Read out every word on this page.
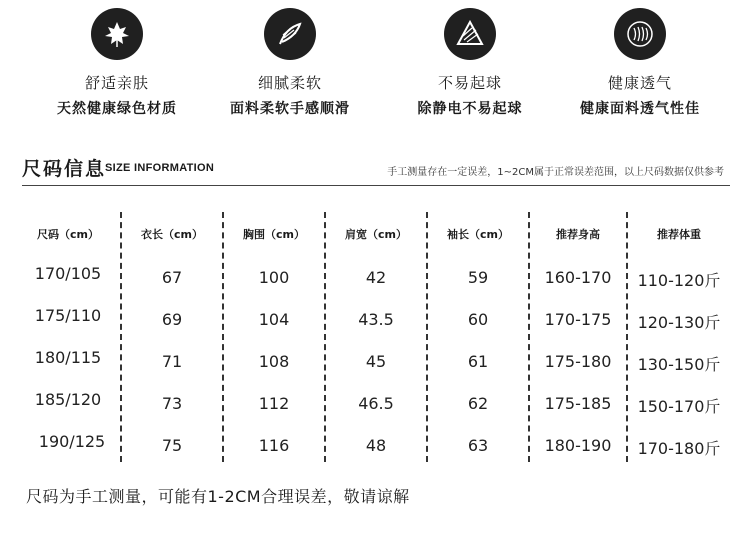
舒适亲肤
天然健康绿色材质
细腻柔软
面料柔软手感顺滑
不易起球
除静电不易起球
健康透气
健康面料透气性佳
尺码信息
SIZE INFORMATION	手工测量存在一定误差，1~2CM属于正常误差范围，以上尺码数据仅供参考
尺码（cm）	衣长（cm）	胸围（cm）	肩宽（cm）	袖长（cm）	推荐身高	推荐体重
170/105	67	100	42	59	160-170	110-120斤
175/110	69	104	43.5	60	170-175	120-130斤
180/115	71	108	45	61	175-180	130-150斤
185/120	73	112	46.5	62	175-185	150-170斤
190/125	75	116	48	63	180-190	170-180斤
尺码为手工测量，可能有1-2CM合理误差，敬请谅解
